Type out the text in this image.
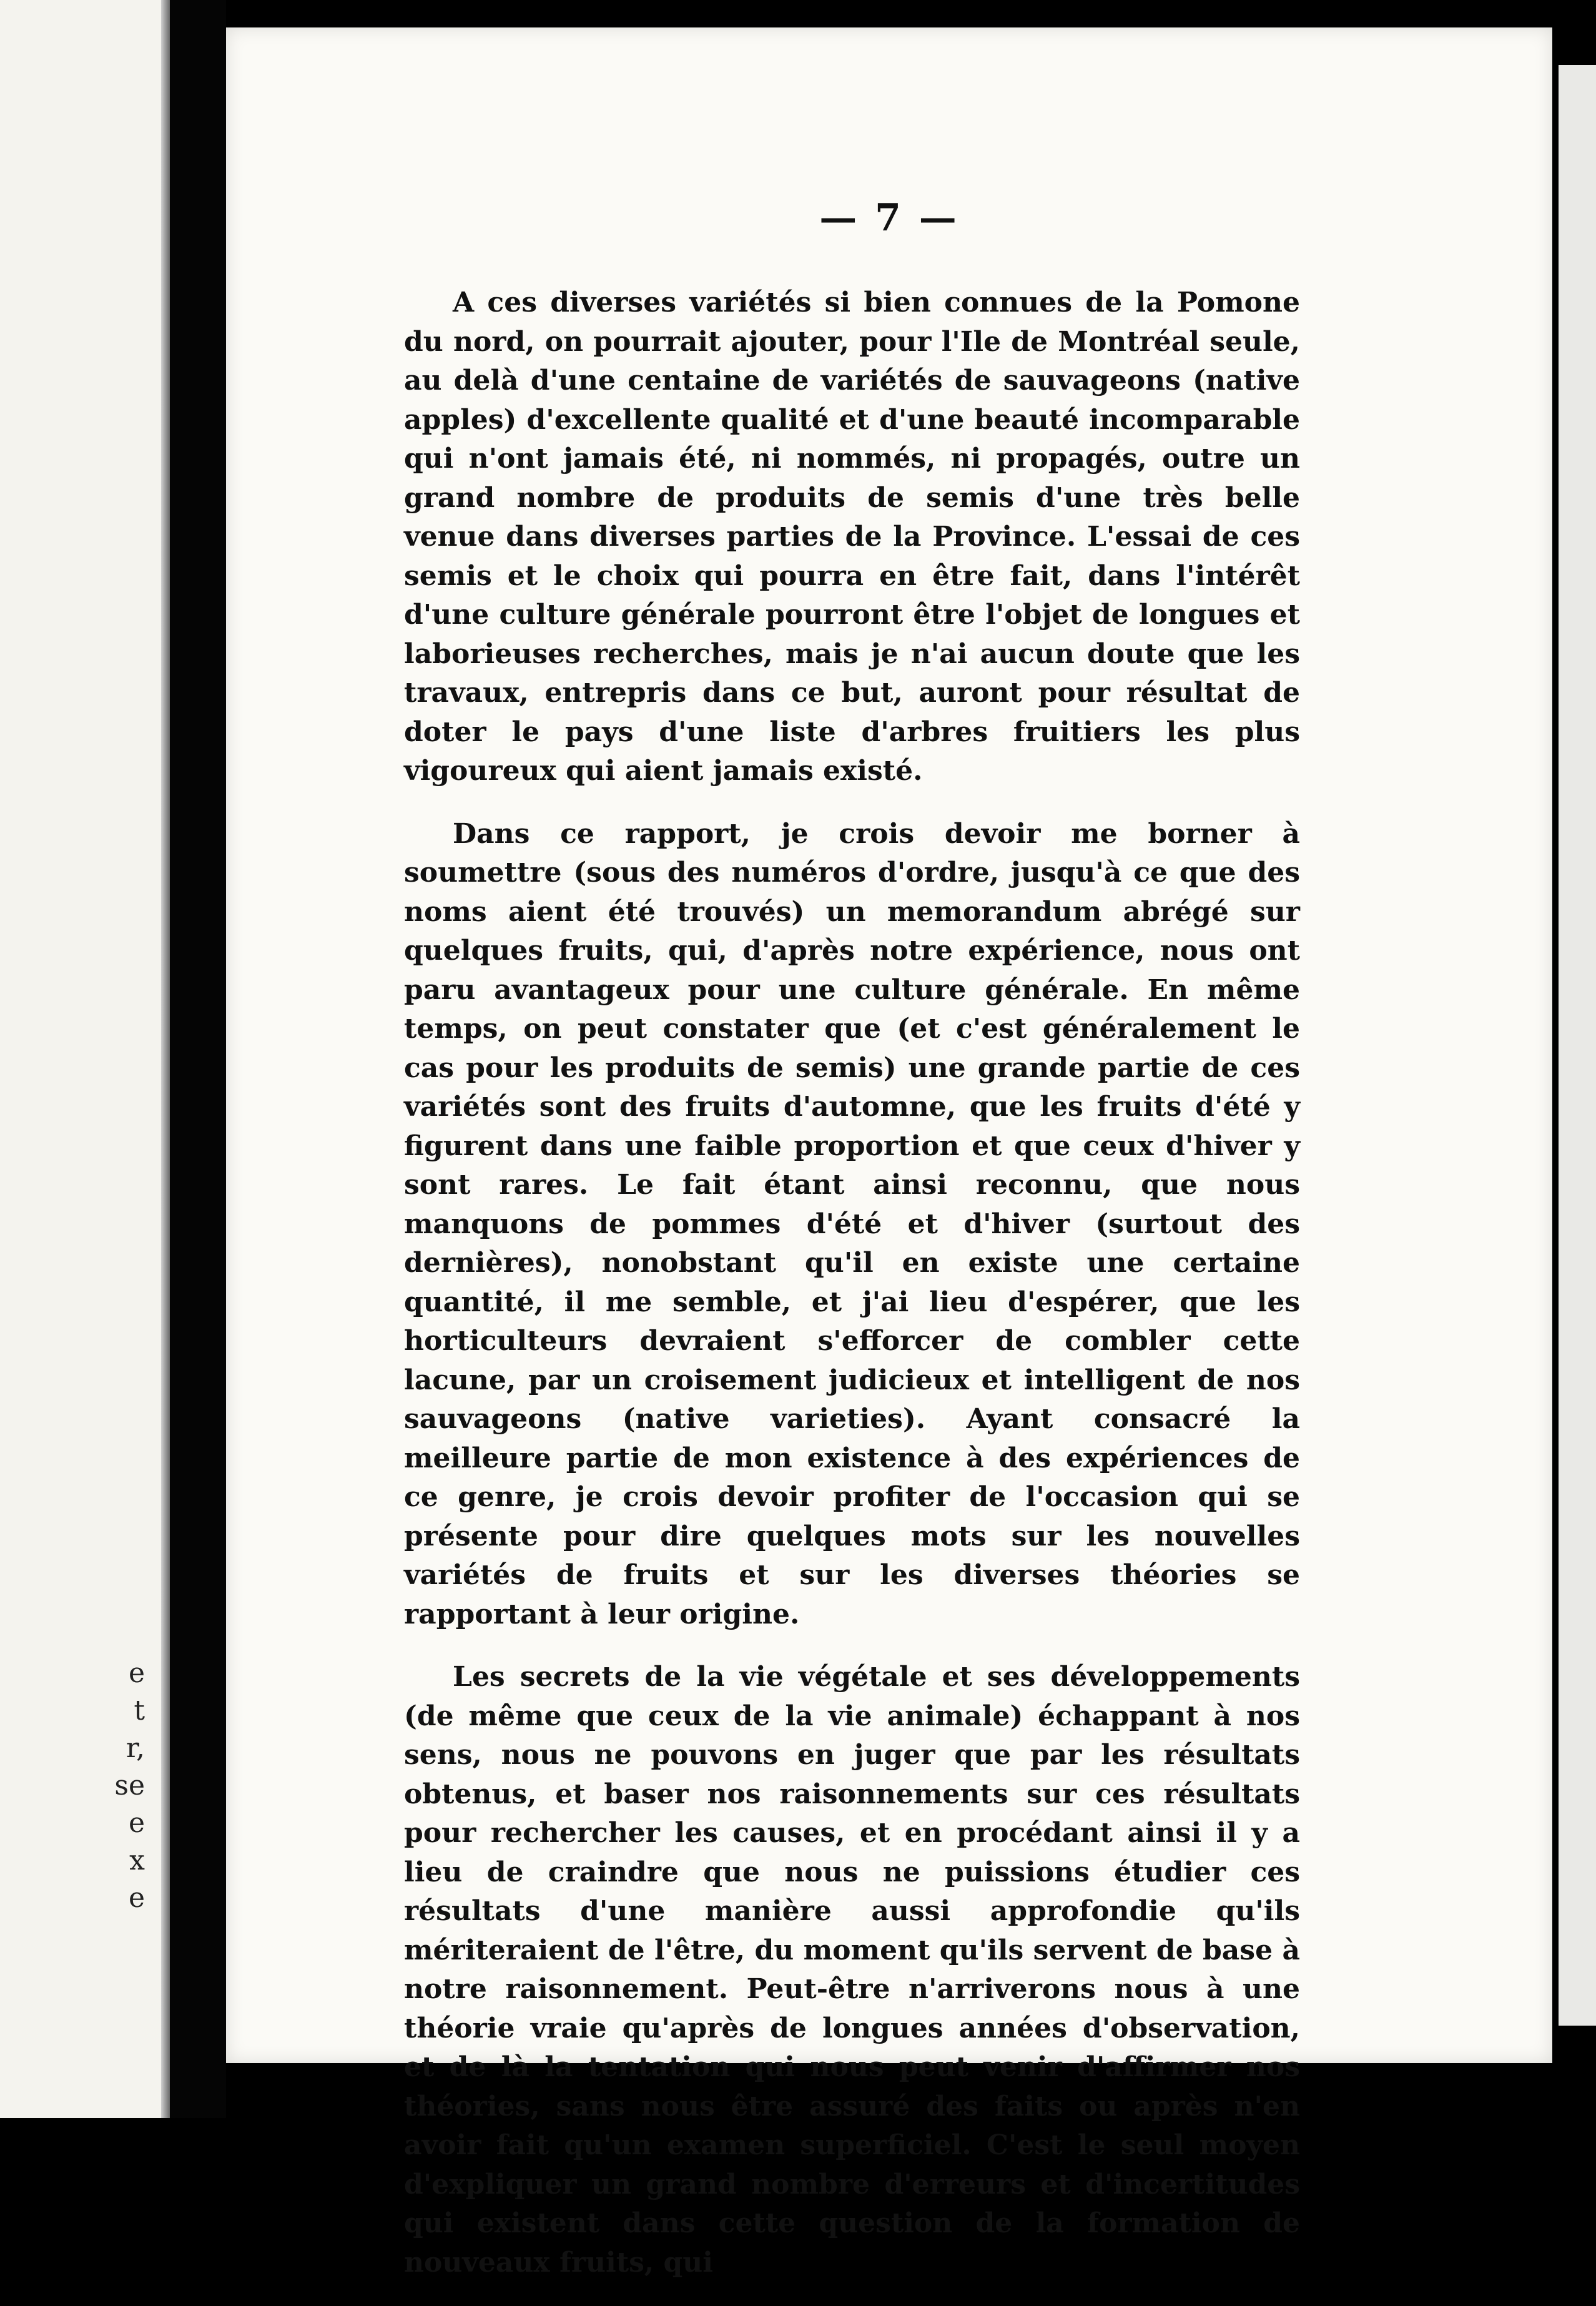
e
t
r,
se
e
x
e
— 7 —

A ces diverses variétés si bien connues de la Pomone du nord, on pourrait ajouter, pour l'Ile de Montréal seule, au delà d'une centaine de variétés de sauvageons (native apples) d'excellente qualité et d'une beauté incomparable qui n'ont jamais été, ni nommés, ni propagés, outre un grand nombre de produits de semis d'une très belle venue dans diverses parties de la Province. L'essai de ces semis et le choix qui pourra en être fait, dans l'intérêt d'une culture générale pourront être l'objet de longues et laborieuses recherches, mais je n'ai aucun doute que les travaux, entrepris dans ce but, auront pour résultat de doter le pays d'une liste d'arbres fruitiers les plus vigoureux qui aient jamais existé.

Dans ce rapport, je crois devoir me borner à soumettre (sous des numéros d'ordre, jusqu'à ce que des noms aient été trouvés) un memorandum abrégé sur quelques fruits, qui, d'après notre expérience, nous ont paru avantageux pour une culture générale. En même temps, on peut constater que (et c'est généralement le cas pour les produits de semis) une grande partie de ces variétés sont des fruits d'automne, que les fruits d'été y figurent dans une faible proportion et que ceux d'hiver y sont rares. Le fait étant ainsi reconnu, que nous manquons de pommes d'été et d'hiver (surtout des dernières), nonobstant qu'il en existe une certaine quantité, il me semble, et j'ai lieu d'espérer, que les horticulteurs devraient s'efforcer de combler cette lacune, par un croisement judicieux et intelligent de nos sauvageons (native varieties). Ayant consacré la meilleure partie de mon existence à des expériences de ce genre, je crois devoir profiter de l'occasion qui se présente pour dire quelques mots sur les nouvelles variétés de fruits et sur les diverses théories se rapportant à leur origine.

Les secrets de la vie végétale et ses développements (de même que ceux de la vie animale) échappant à nos sens, nous ne pouvons en juger que par les résultats obtenus, et baser nos raisonnements sur ces résultats pour rechercher les causes, et en procédant ainsi il y a lieu de craindre que nous ne puissions étudier ces résultats d'une manière aussi approfondie qu'ils mériteraient de l'être, du moment qu'ils servent de base à notre raisonnement. Peut-être n'arriverons nous à une théorie vraie qu'après de longues années d'observation, et de là la tentation qui nous peut venir d'affirmer nos théories, sans nous être assuré des faits ou après n'en avoir fait qu'un examen superficiel. C'est le seul moyen d'expliquer un grand nombre d'erreurs et d'incertitudes qui existent dans cette question de la formation de nouveaux fruits, qui
